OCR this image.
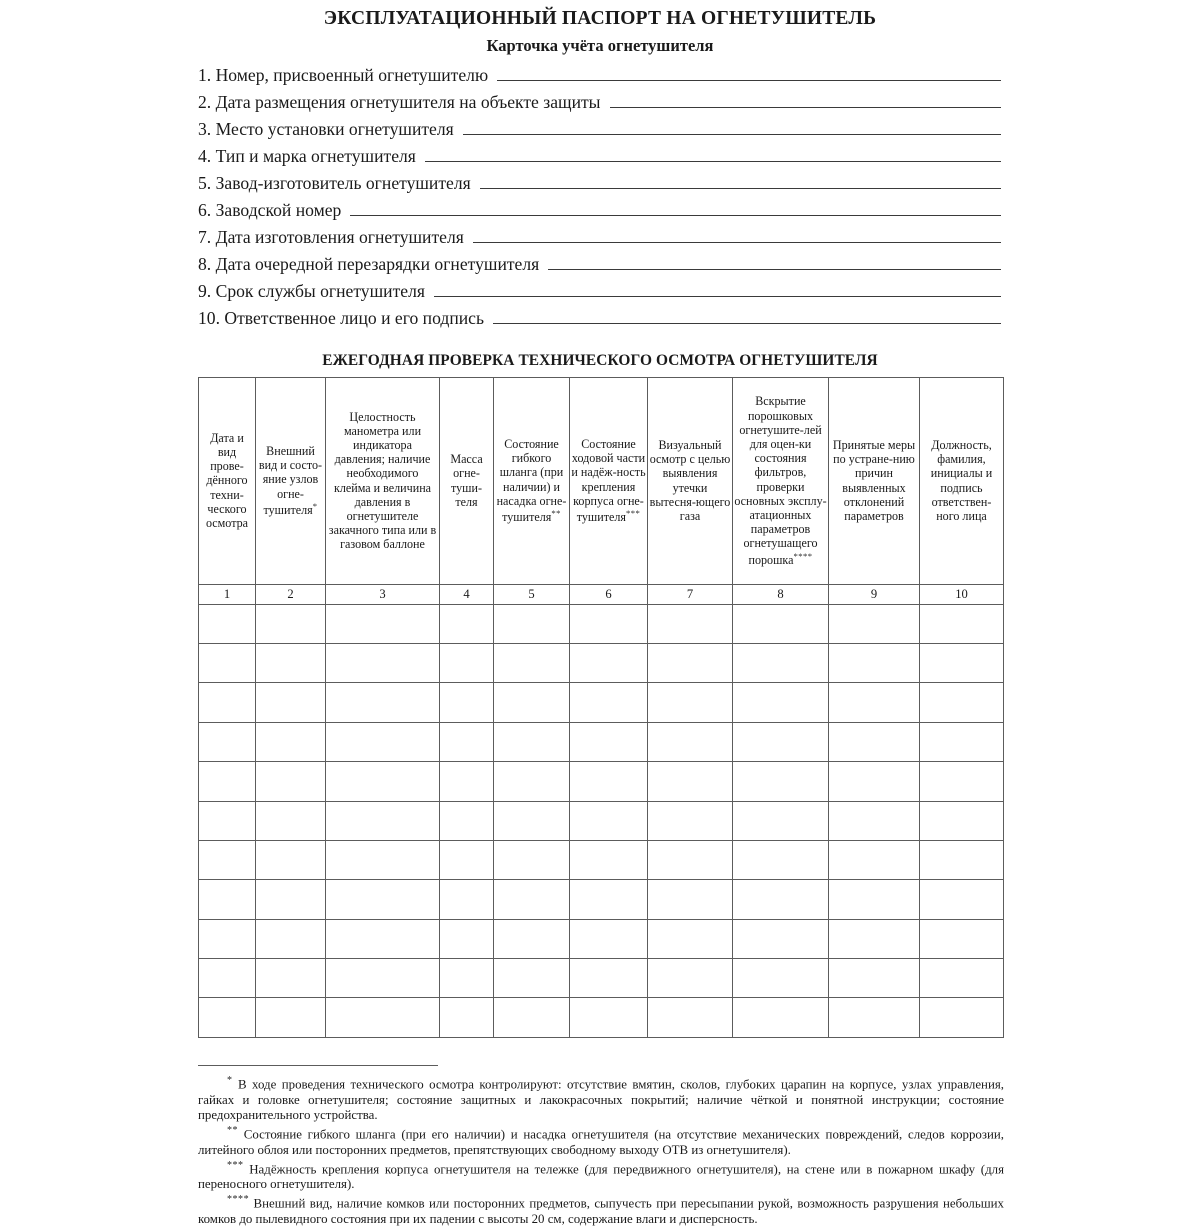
ЭКСПЛУАТАЦИОННЫЙ ПАСПОРТ НА ОГНЕТУШИТЕЛЬ
Карточка учёта огнетушителя
1. Номер, присвоенный огнетушителю
2. Дата размещения огнетушителя на объекте защиты
3. Место установки огнетушителя
4. Тип и марка огнетушителя
5. Завод-изготовитель огнетушителя
6. Заводской номер
7. Дата изготовления огнетушителя
8. Дата очередной перезарядки огнетушителя
9. Срок службы огнетушителя
10. Ответственное лицо и его подпись
ЕЖЕГОДНАЯ ПРОВЕРКА ТЕХНИЧЕСКОГО ОСМОТРА ОГНЕТУШИТЕЛЯ
Дата и вид прове-дённого техни-ческого осмотра	Внешний вид и состо-яние узлов огне-тушителя*	Целостность манометра или индикатора давления; наличие необходимого клейма и величина давления в огнетушителе закачного типа или в газовом баллоне	Масса огне-туши-теля	Состояние гибкого шланга (при наличии) и насадка огне-тушителя**	Состояние ходовой части и надёж-ность крепления корпуса огне-тушителя***	Визуальный осмотр с целью выявления утечки вытесня-ющего газа	Вскрытие порошковых огнетушите-лей для оцен-ки состояния фильтров, проверки основных эксплу-атационных параметров огнетушащего порошка****	Принятые меры по устране-нию причин выявленных отклонений параметров	Должность, фамилия, инициалы и подпись ответствен-ного лица
1	2	3	4	5	6	7	8	9	10

* В ходе проведения технического осмотра контролируют: отсутствие вмятин, сколов, глубоких царапин на корпусе, узлах управления, гайках и головке огнетушителя; состояние защитных и лакокрасочных покрытий; наличие чёткой и понятной инструкции; состояние предохранительного устройства.

** Состояние гибкого шланга (при его наличии) и насадка огнетушителя (на отсутствие механических повреждений, следов коррозии, литейного облоя или посторонних предметов, препятствующих свободному выходу ОТВ из огнетушителя).

*** Надёжность крепления корпуса огнетушителя на тележке (для передвижного огнетушителя), на стене или в пожарном шкафу (для переносного огнетушителя).

**** Внешний вид, наличие комков или посторонних предметов, сыпучесть при пересыпании рукой, возможность разрушения небольших комков до пылевидного состояния при их падении с высоты 20 см, содержание влаги и дисперсность.
